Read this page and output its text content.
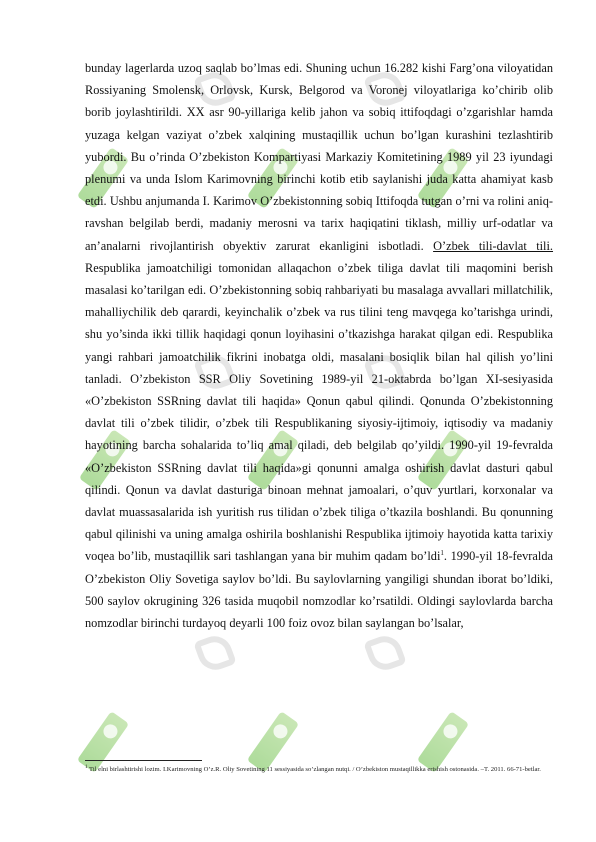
bunday lagerlarda uzoq saqlab bo’lmas edi. Shuning uchun 16.282 kishi Farg’ona viloyatidan Rossiyaning Smolensk, Orlovsk, Kursk, Belgorod va Voronej viloyatlariga ko’chirib olib borib joylashtirildi. XX asr 90-yillariga kelib jahon va sobiq ittifoqdagi o’zgarishlar hamda yuzaga kelgan vaziyat o’zbek xalqining mustaqillik uchun bo’lgan kurashini tezlashtirib yubordi. Bu o’rinda O’zbekiston Kompartiyasi Markaziy Komitetining 1989 yil 23 iyundagi plenumi va unda Islom Karimovning birinchi kotib etib saylanishi juda katta ahamiyat kasb etdi. Ushbu anjumanda I. Karimov O’zbekistonning sobiq Ittifoqda tutgan o’rni va rolini aniq-ravshan belgilab berdi, madaniy merosni va tarix haqiqatini tiklash, milliy urf-odatlar va an’analarni rivojlantirish obyektiv zarurat ekanligini isbotladi. O’zbek tili-davlat tili. Respublika jamoatchiligi tomonidan allaqachon o’zbek tiliga davlat tili maqomini berish masalasi ko’tarilgan edi. O’zbekistonning sobiq rahbariyati bu masalaga avvallari millatchilik, mahalliychilik deb qarardi, keyinchalik o’zbek va rus tilini teng mavqega ko’tarishga urindi, shu yo’sinda ikki tillik haqidagi qonun loyihasini o’tkazishga harakat qilgan edi. Respublika yangi rahbari jamoatchilik fikrini inobatga oldi, masalani bosiqlik bilan hal qilish yo’lini tanladi. O’zbekiston SSR Oliy Sovetining 1989-yil 21-oktabrda bo’lgan XI-sesiyasida «O’zbekiston SSRning davlat tili haqida» Qonun qabul qilindi. Qonunda O’zbekistonning davlat tili o’zbek tilidir, o’zbek tili Respublikaning siyosiy-ijtimoiy, iqtisodiy va madaniy hayotining barcha sohalarida to’liq amal qiladi, deb belgilab qo’yildi. 1990-yil 19-fevralda «O’zbekiston SSRning davlat tili haqida»gi qonunni amalga oshirish davlat dasturi qabul qilindi. Qonun va davlat dasturiga binoan mehnat jamoalari, o’quv yurtlari, korxonalar va davlat muassasalarida ish yuritish rus tilidan o’zbek tiliga o’tkazila boshlandi. Bu qonunning qabul qilinishi va uning amalga oshirila boshlanishi Respublika ijtimoiy hayotida katta tarixiy voqea bo’lib, mustaqillik sari tashlangan yana bir muhim qadam bo’ldi$^1$. 1990-yil 18-fevralda O’zbekiston Oliy Sovetiga saylov bo’ldi. Bu saylovlarning yangiligi shundan iborat bo’ldiki, 500 saylov okrugining 326 tasida muqobil nomzodlar ko’rsatildi. Oldingi saylovlarda barcha nomzodlar birinchi turdayoq deyarli 100 foiz ovoz bilan saylangan bo’lsalar,

$^1$ Til elni birlashtirishi lozim. I.Karimovning O’z.R. Oliy Sovetining 11 sessiyasida so’zlangan nutqi. / O’zbekiston mustaqillikka erishish ostonasida. –T. 2011. 66-71-betlar.
